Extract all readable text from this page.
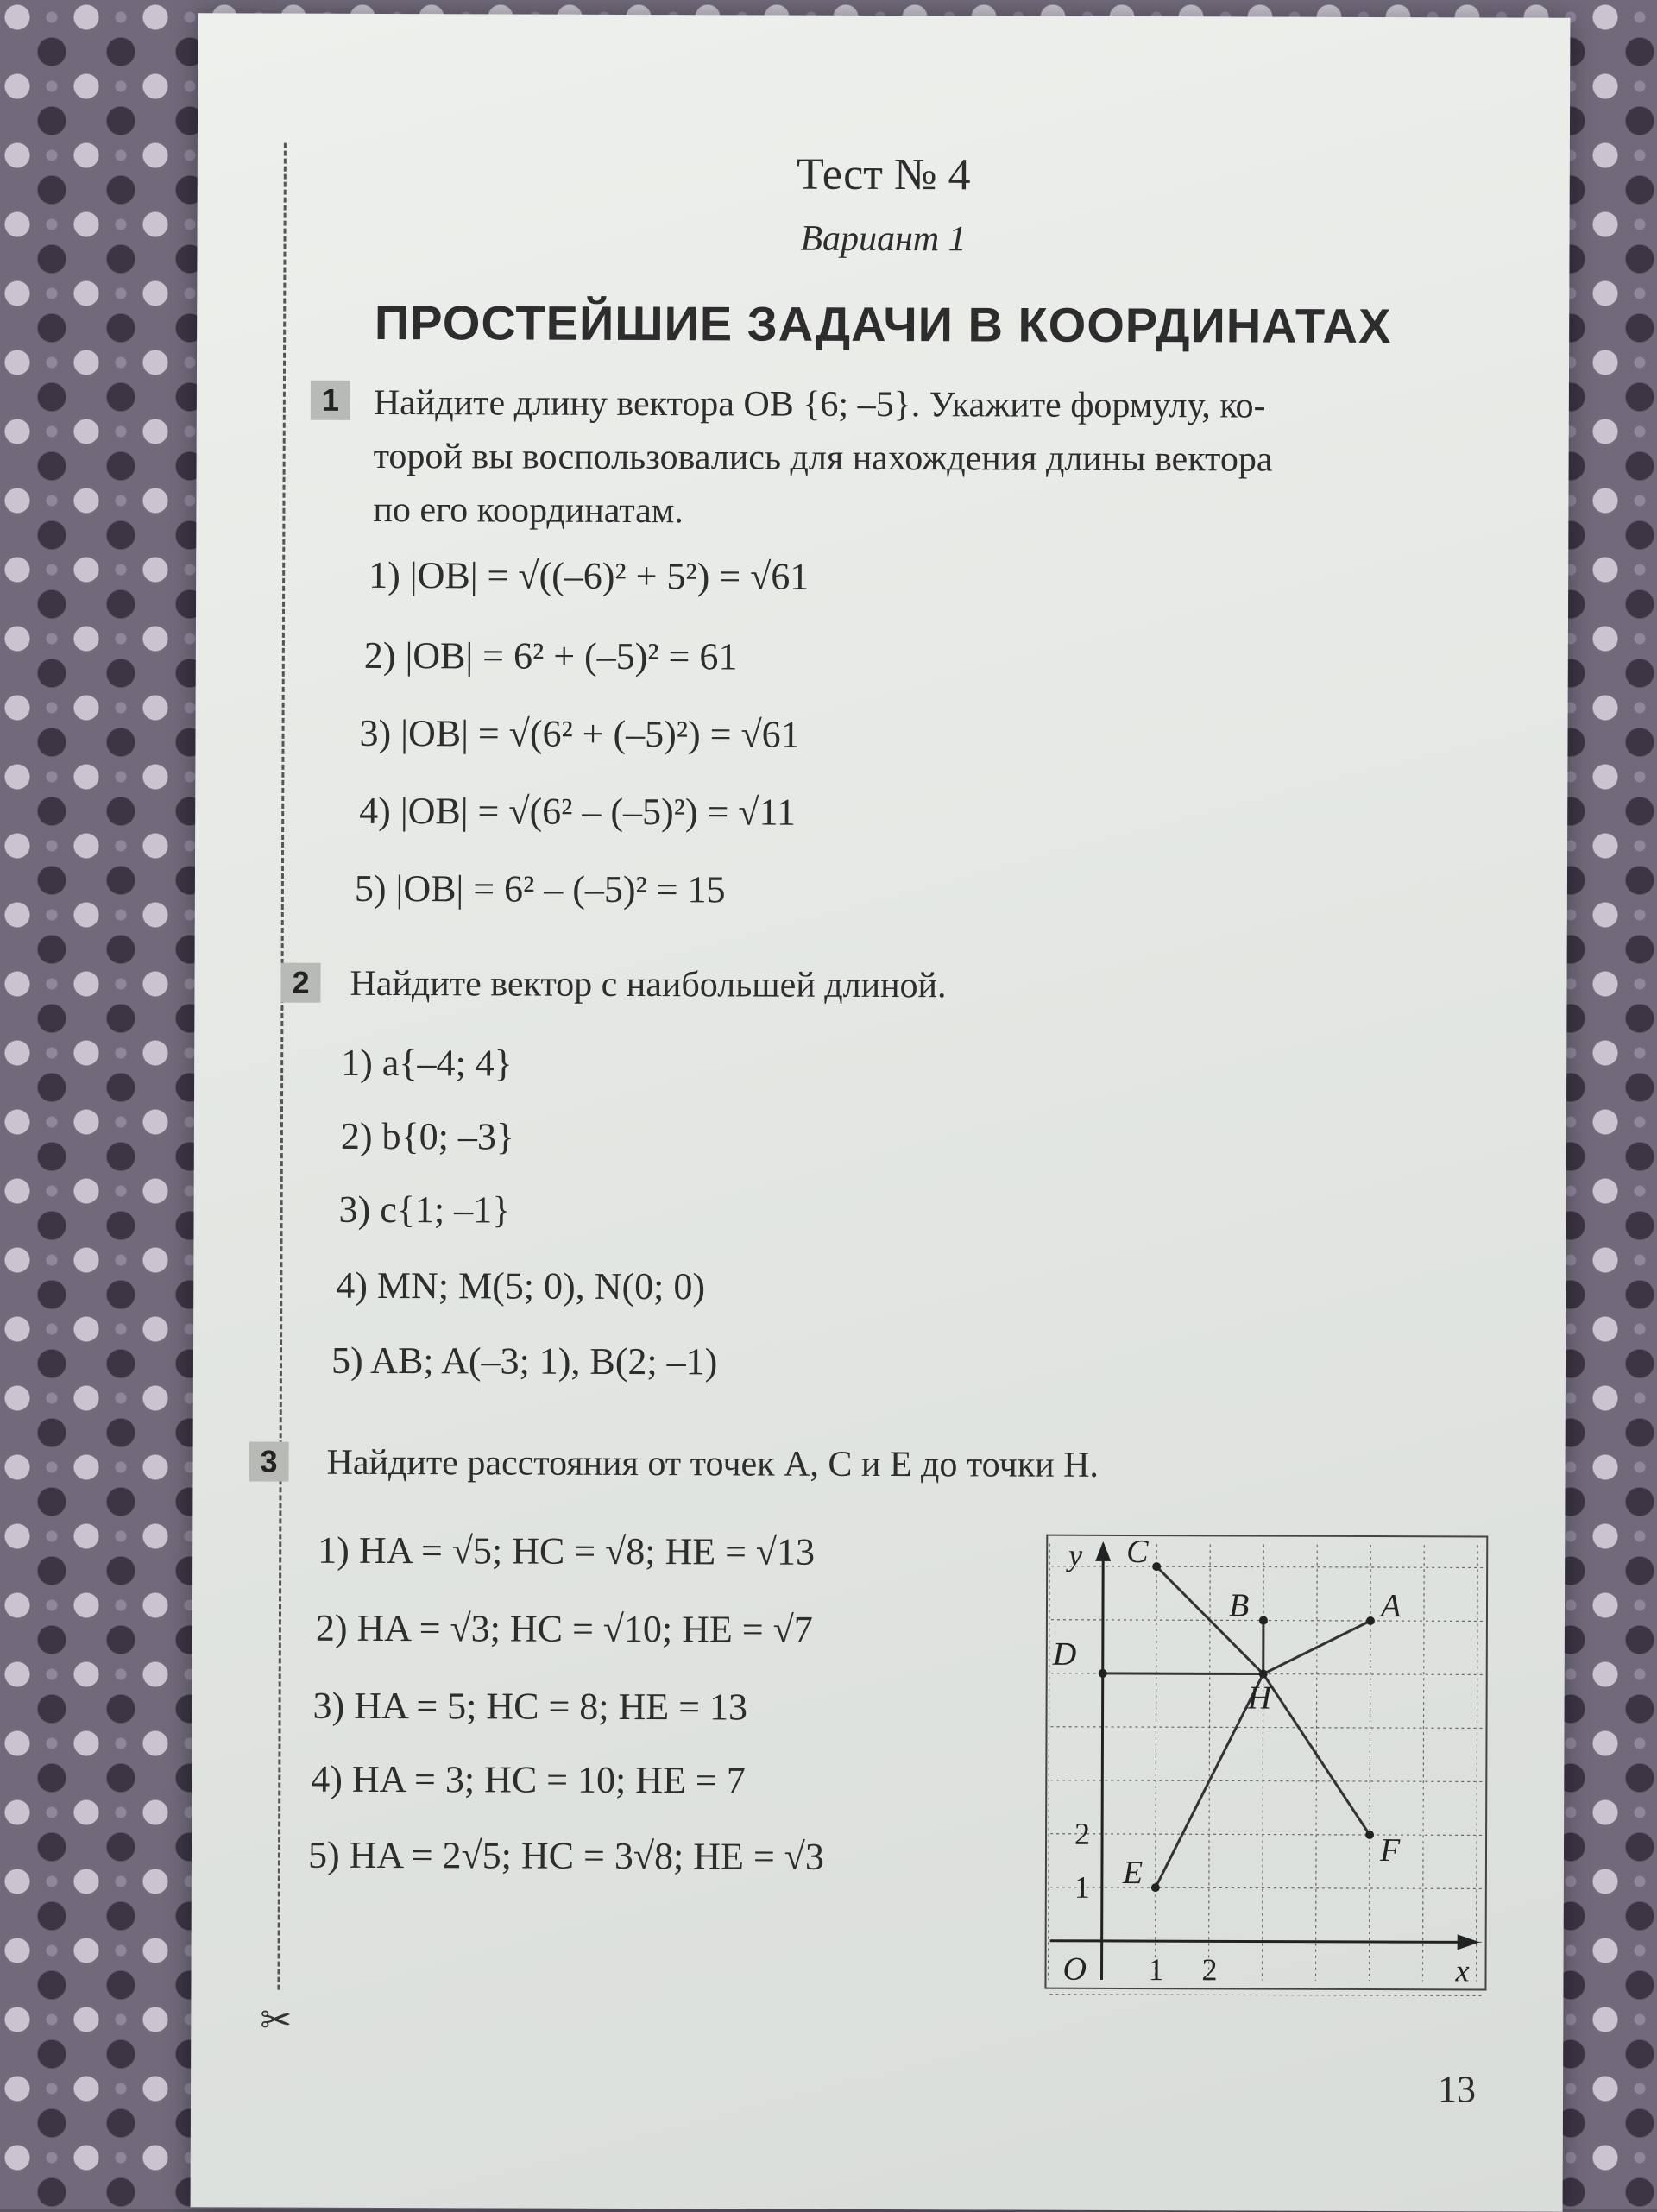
✂
Тест № 4
Вариант 1
ПРОСТЕЙШИЕ ЗАДАЧИ В КООРДИНАТАХ
1 Найдите длину вектора OB {6; –5}. Укажите формулу, ко-
торой вы воспользовались для нахождения длины вектора
по его координатам.
1) |OB| = √((–6)² + 5²) = √61
2) |OB| = 6² + (–5)² = 61
3) |OB| = √(6² + (–5)²) = √61
4) |OB| = √(6² – (–5)²) = √11
5) |OB| = 6² – (–5)² = 15
2	Найдите вектор с наибольшей длиной.
1) a{–4; 4}
2) b{0; –3}
3) c{1; –1}
4) MN; M(5; 0), N(0; 0)
5) AB; A(–3; 1), B(2; –1)
3	Найдите расстояния от точек A, C и E до точки H.
1) HA = √5; HC = √8; HE = √13
2) HA = √3; HC = √10; HE = √7
3) HA = 5; HC = 8; HE = 13
4) HA = 3; HC = 10; HE = 7
5) HA = 2√5; HC = 3√8; HE = √3
C
B	A
D
H
F
E
O	x
y
1 2
1
2
13
